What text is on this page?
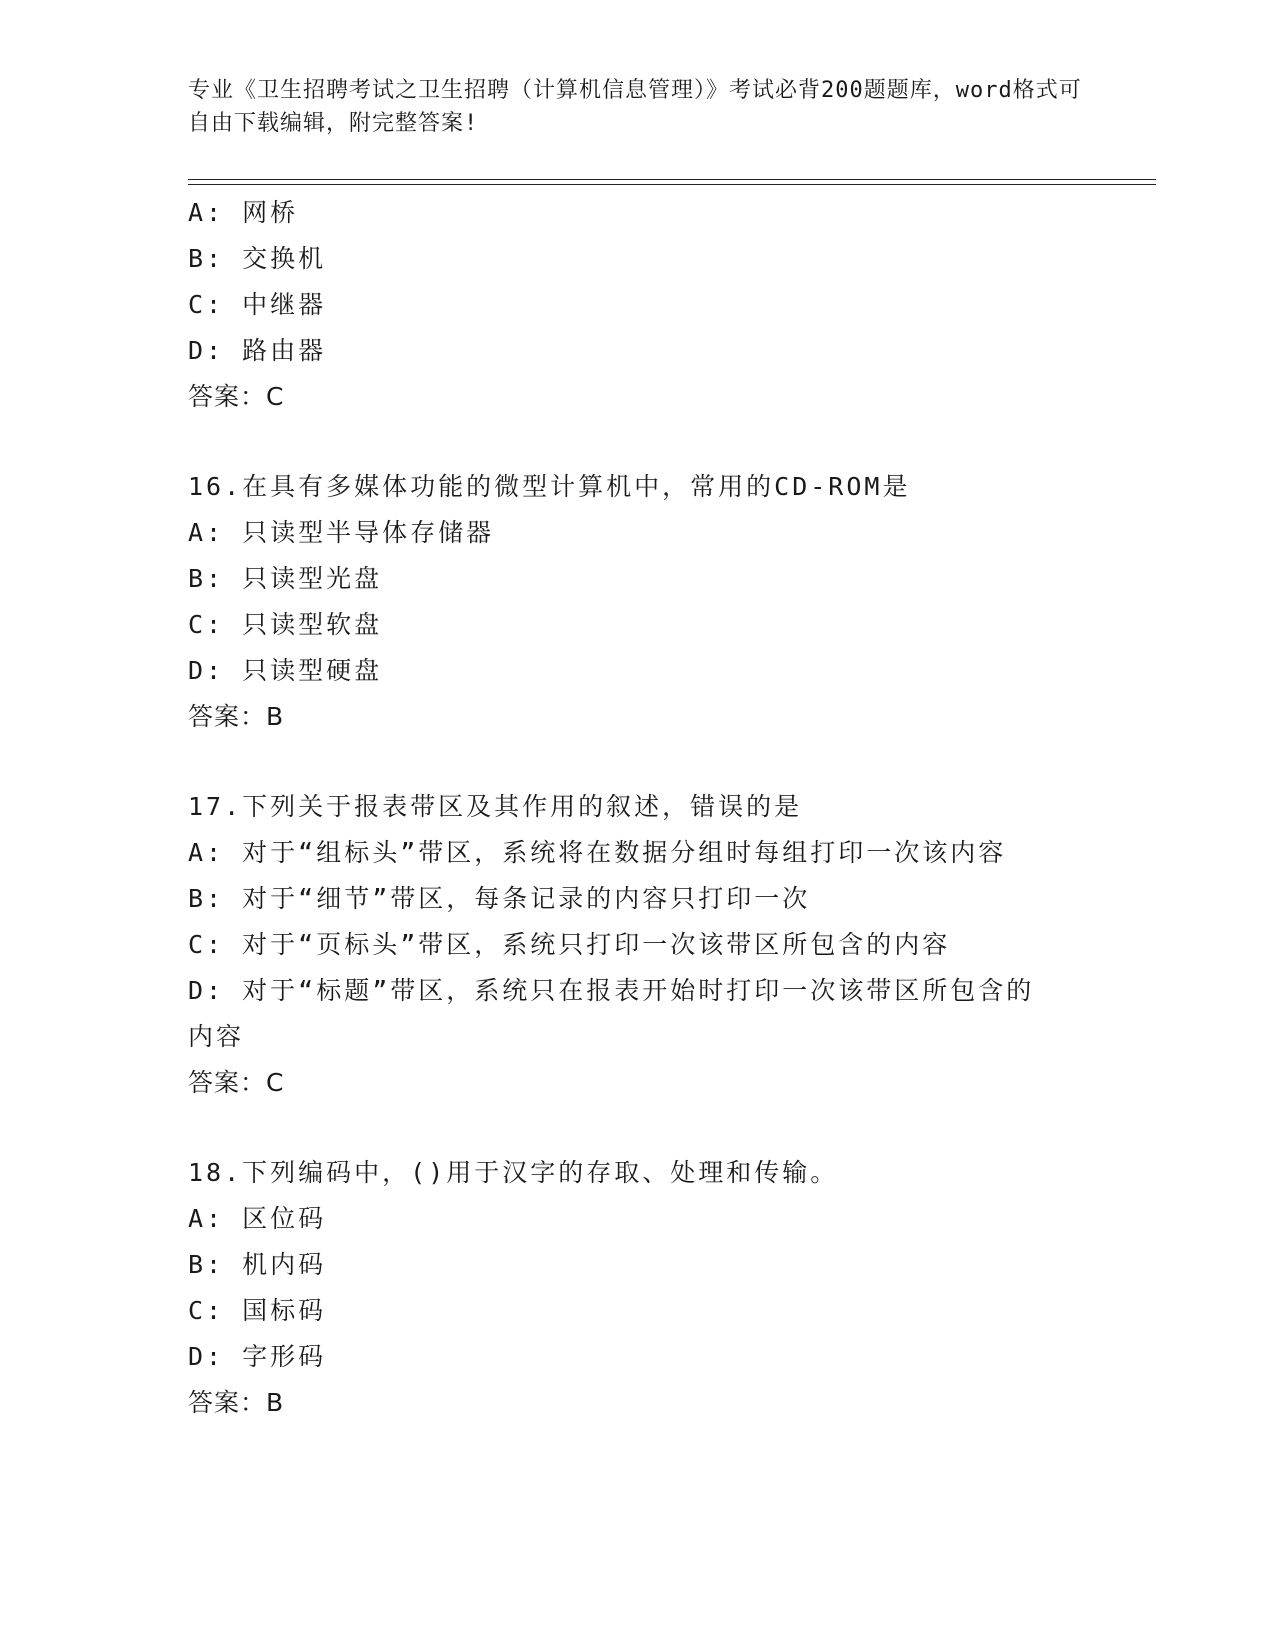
专业《卫生招聘考试之卫生招聘（计算机信息管理）》考试必背200题题库，word格式可自由下载编辑，附完整答案!
A: 网桥
B: 交换机
C: 中继器
D: 路由器
答案：C
16.在具有多媒体功能的微型计算机中，常用的CD-ROM是
A: 只读型半导体存储器
B: 只读型光盘
C: 只读型软盘
D: 只读型硬盘
答案：B
17.下列关于报表带区及其作用的叙述，错误的是
A: 对于“组标头”带区，系统将在数据分组时每组打印一次该内容
B: 对于“细节”带区，每条记录的内容只打印一次
C: 对于“页标头”带区，系统只打印一次该带区所包含的内容
D: 对于“标题”带区，系统只在报表开始时打印一次该带区所包含的内容
答案：C
18.下列编码中，()用于汉字的存取、处理和传输。
A: 区位码
B: 机内码
C: 国标码
D: 字形码
答案：B
